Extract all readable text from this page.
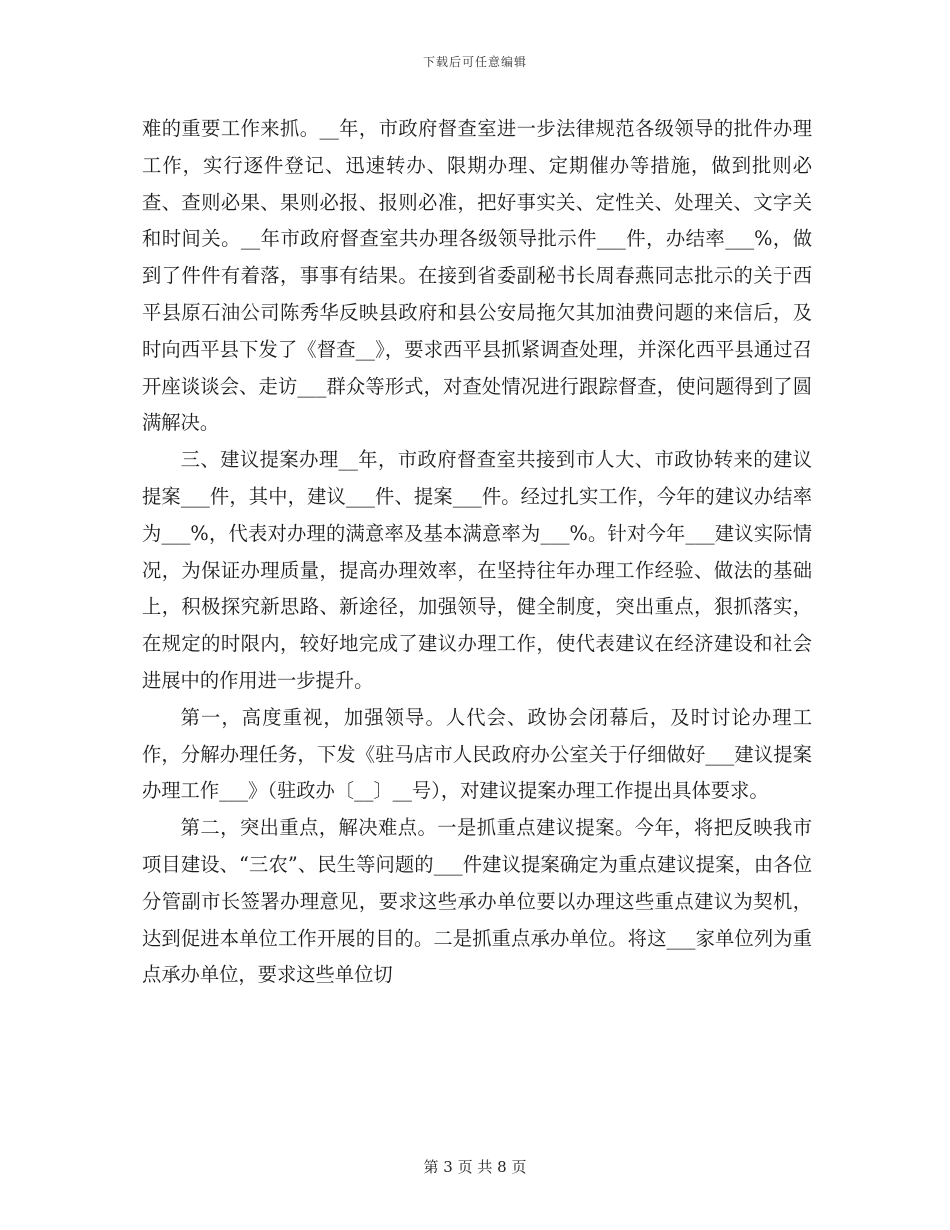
下载后可任意编辑

难的重要工作来抓。__年，市政府督查室进一步法律规范各级领导的批件办理工作，实行逐件登记、迅速转办、限期办理、定期催办等措施，做到批则必查、查则必果、果则必报、报则必准，把好事实关、定性关、处理关、文字关和时间关。__年市政府督查室共办理各级领导批示件___件，办结率___%，做到了件件有着落，事事有结果。在接到省委副秘书长周春燕同志批示的关于西平县原石油公司陈秀华反映县政府和县公安局拖欠其加油费问题的来信后，及时向西平县下发了《督查__》，要求西平县抓紧调查处理，并深化西平县通过召开座谈谈会、走访___群众等形式，对查处情况进行跟踪督查，使问题得到了圆满解决。

三、建议提案办理__年，市政府督查室共接到市人大、市政协转来的建议提案___件，其中，建议___件、提案___件。经过扎实工作，今年的建议办结率为___%，代表对办理的满意率及基本满意率为___%。针对今年___建议实际情况，为保证办理质量，提高办理效率，在坚持往年办理工作经验、做法的基础上，积极探究新思路、新途径，加强领导，健全制度，突出重点，狠抓落实，在规定的时限内，较好地完成了建议办理工作，使代表建议在经济建设和社会进展中的作用进一步提升。

第一，高度重视，加强领导。人代会、政协会闭幕后，及时讨论办理工作，分解办理任务，下发《驻马店市人民政府办公室关于仔细做好___建议提案办理工作___》（驻政办〔__〕__号），对建议提案办理工作提出具体要求。

第二，突出重点，解决难点。一是抓重点建议提案。今年，将把反映我市项目建设、“三农”、民生等问题的___件建议提案确定为重点建议提案，由各位分管副市长签署办理意见，要求这些承办单位要以办理这些重点建议为契机，达到促进本单位工作开展的目的。二是抓重点承办单位。将这___家单位列为重点承办单位，要求这些单位切

第 3 页 共 8 页
